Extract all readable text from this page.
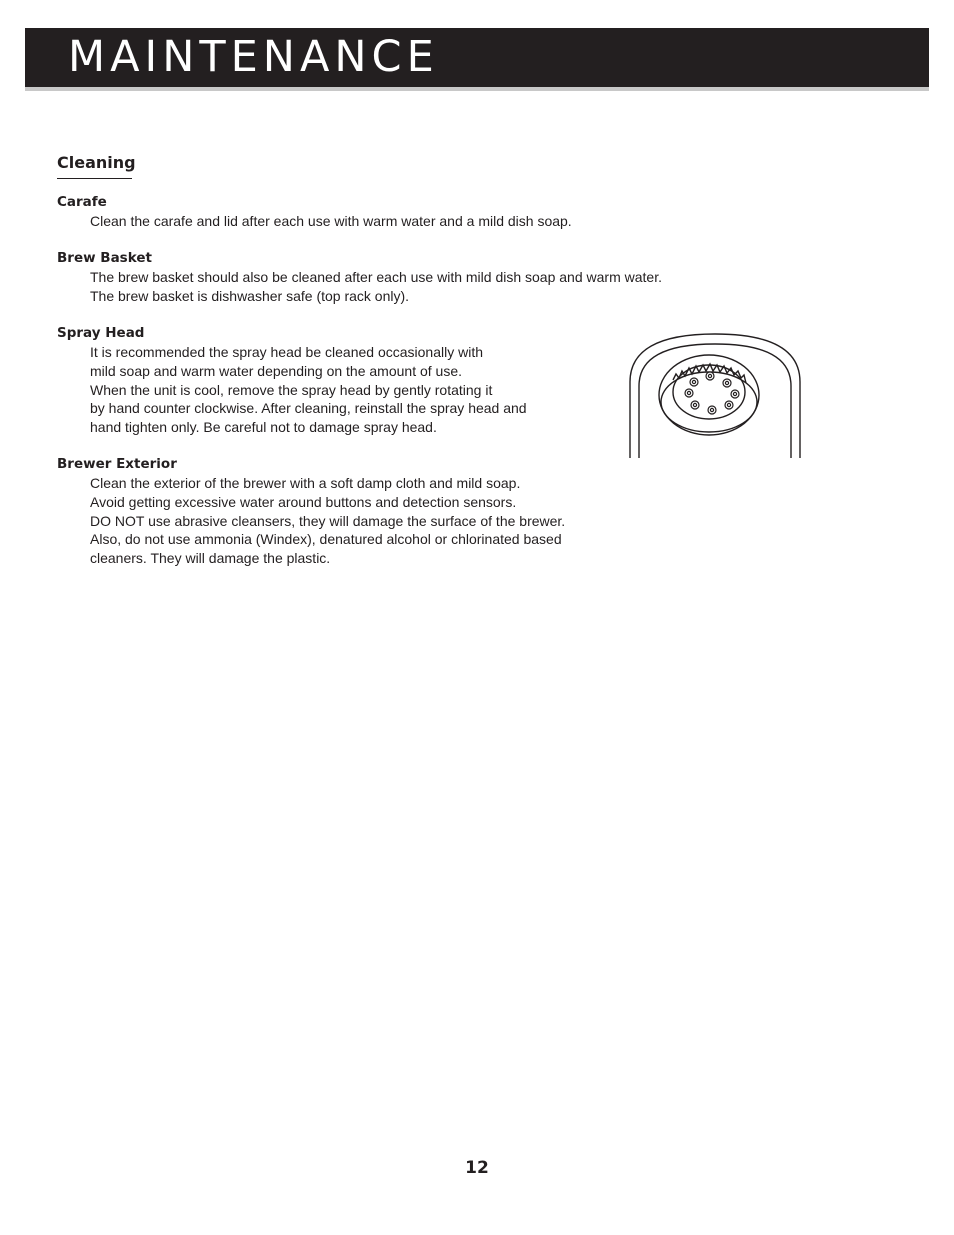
MAINTENANCE
Cleaning
Carafe

Clean the carafe and lid after each use with warm water and a mild dish soap.

Brew Basket

The brew basket should also be cleaned after each use with mild dish soap and warm water.
The brew basket is dishwasher safe (top rack only).

Spray Head

It is recommended the spray head be cleaned occasionally with
mild soap and warm water depending on the amount of use.
When the unit is cool, remove the spray head by gently rotating it
by hand counter clockwise. After cleaning, reinstall the spray head and
hand tighten only. Be careful not to damage spray head.

Brewer Exterior

Clean the exterior of the brewer with a soft damp cloth and mild soap.
Avoid getting excessive water around buttons and detection sensors.
DO NOT use abrasive cleansers, they will damage the surface of the brewer.
Also, do not use ammonia (Windex), denatured alcohol or chlorinated based
cleaners. They will damage the plastic.

12
